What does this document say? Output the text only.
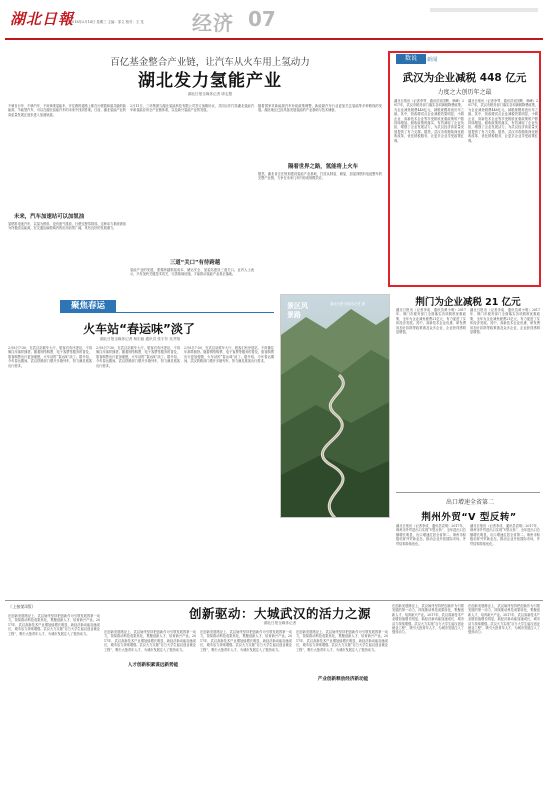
湖北日報
2018年2月14日 星期三 主编：邹立 校对：王 龙	经济 07
百亿基金整合产业链，让汽车从火车用上氢动力
湖北发力氢能产业
湖北日报全媒体记者 廖志慧
不骑自行车、不骑汽车、不用骑乘氢能车，开往路的道路上都在行驶着和谐共融的新能源、节能型汽车，可以在湖北氢能汽车的未来中找到答案。日前，湖北氢能产业的高质量发展正逐步进入加速轨道。
2月11日，三环集团与湖北氢能科技有限公司签订战略协议，共同合作打造湖北氢能汽车和氢能应用全产业链体系，以及新兴氢能产业的发展。
随着国家对新能源汽车补贴政策调整，新能源汽车行业更加关注氢能等多种路线的发展。湖北地区已经具备发展氢能的产业基础与技术储备。
未来，汽车加速站可以加氢油
氢燃料电池汽车，以氢为燃料，没有废气排放，行驶过程零排放。这种动力系统被视为终极清洁能源，在交通运输领域内的应用前景广阔，具有良好的发展潜力。
三道“关口”有待跨越
氢能产业的发展，需要跨越制氢成本、储运安全、加氢站建设三道关口。业内人士表示，只有加快关键技术攻关、完善基础设施，才能推动氢能产业真正落地。
隔着世界之路，氢能将上火车
据悉，湖北省正在规划建设氢能产业基地，打造从制氢、储氢、加氢到燃料电池整车的完整产业链，力争在未来几年内形成规模效应。
数说	新闻
武汉为企业减税 448 亿元
力度之大创历年之最
湖北日报讯（记者李琴、通讯员吴国辉、韩峰）2017年，武汉市税务部门落实各项减税降费政策，为企业减免税费448亿元，减税规模再创历年之最。其中，营改增试点企业减税效果明显，小微企业、高新技术企业等享受税收优惠政策的户数持续增加。税收政策的落实，有效减轻了企业负担，增强了企业发展活力，为武汉经济高质量发展提供了有力支撑。据悉，武汉市将继续深化税收改革，优化纳税服务，让更多企业享受政策红利。
湖北日报讯（记者李琴、通讯员吴国辉、韩峰）2017年，武汉市税务部门落实各项减税降费政策，为企业减免税费448亿元，减税规模再创历年之最。其中，营改增试点企业减税效果明显，小微企业、高新技术企业等享受税收优惠政策的户数持续增加。税收政策的落实，有效减轻了企业负担，增强了企业发展活力，为武汉经济高质量发展提供了有力支撑。据悉，武汉市将继续深化税收改革，优化纳税服务，让更多企业享受政策红利。
荆门为企业减税 21 亿元
湖北日报讯（记者李成、通讯员黄小明）2017年，荆门市税务部门全面落实各项税收优惠政策，全年为企业减免税费21亿元，有力促进了实体经济发展。其中，高新技术企业优惠、研发费用加计扣除等政策惠及众多企业，企业获得感明显增强。
湖北日报讯（记者李成、通讯员黄小明）2017年，荆门市税务部门全面落实各项税收优惠政策，全年为企业减免税费21亿元，有力促进了实体经济发展。其中，高新技术企业优惠、研发费用加计扣除等政策惠及众多企业，企业获得感明显增强。
出口增速全省第二
荆州外贸“V 型反转”
湖北日报讯（记者李成、通讯员袁明）2017年，荆州市外贸进出口实现“V型反转”，全年进出口总额增长明显，出口增速位居全省第二。荆州市积极培育外贸新业态，推动企业开拓国际市场，外贸结构持续优化。
湖北日报讯（记者李成、通讯员袁明）2017年，荆州市外贸进出口实现“V型反转”，全年进出口总额增长明显，出口增速位居全省第二。荆州市积极培育外贸新业态，推动企业开拓国际市场，外贸结构持续优化。
聚焦春运
火车站“春运味”淡了
湖北日报全媒体记者 杨宏毅 通讯员 张宇东 吴齐翔
2月8日7:50，在武汉站候车大厅，旅客们有序进站，不再像往年那样拥挤。随着网络购票、电子客票等服务的普及，旅客购票出行更加便捷，火车站的“春运味”淡了。据介绍，今年春运期间，武汉铁路部门增开多趟列车，努力满足旅客出行需求。
2月8日7:50，在武汉站候车大厅，旅客们有序进站，不再像往年那样拥挤。随着网络购票、电子客票等服务的普及，旅客购票出行更加便捷，火车站的“春运味”淡了。据介绍，今年春运期间，武汉铁路部门增开多趟列车，努力满足旅客出行需求。
2月8日7:50，在武汉站候车大厅，旅客们有序进站，不再像往年那样拥挤。随着网络购票、电子客票等服务的普及，旅客购票出行更加便捷，火车站的“春运味”淡了。据介绍，今年春运期间，武汉铁路部门增开多趟列车，努力满足旅客出行需求。
景区风景路
湖北日报全媒体记者 摄
（上接第1版）	创新驱动：大城武汉的活力之源
湖北日报全媒体记者
在创新发展路径上，武汉始终坚持把创新作为引领发展的第一动力，持续推动科技成果转化，集聚创新人才，培育新兴产业。2017年，武汉高新技术产业增加值增长明显，新经济新动能加速成长，城市活力持续增强。武汉大力实施“百万大学生留汉创业就业工程”，吸引大批青年人才，为城市发展注入了强劲动力。	在创新发展路径上，武汉始终坚持把创新作为引领发展的第一动力，持续推动科技成果转化，集聚创新人才，培育新兴产业。2017年，武汉高新技术产业增加值增长明显，新经济新动能加速成长，城市活力持续增强。武汉大力实施“百万大学生留汉创业就业工程”，吸引大批青年人才，为城市发展注入了强劲动力。
人才创新积累谋远新势能
在创新发展路径上，武汉始终坚持把创新作为引领发展的第一动力，持续推动科技成果转化，集聚创新人才，培育新兴产业。2017年，武汉高新技术产业增加值增长明显，新经济新动能加速成长，城市活力持续增强。武汉大力实施“百万大学生留汉创业就业工程”，吸引大批青年人才，为城市发展注入了强劲动力。
在创新发展路径上，武汉始终坚持把创新作为引领发展的第一动力，持续推动科技成果转化，集聚创新人才，培育新兴产业。2017年，武汉高新技术产业增加值增长明显，新经济新动能加速成长，城市活力持续增强。武汉大力实施“百万大学生留汉创业就业工程”，吸引大批青年人才，为城市发展注入了强劲动力。
产业创新释放经济新动能
在创新发展路径上，武汉始终坚持把创新作为引领发展的第一动力，持续推动科技成果转化，集聚创新人才，培育新兴产业。2017年，武汉高新技术产业增加值增长明显，新经济新动能加速成长，城市活力持续增强。武汉大力实施“百万大学生留汉创业就业工程”，吸引大批青年人才，为城市发展注入了强劲动力。
在创新发展路径上，武汉始终坚持把创新作为引领发展的第一动力，持续推动科技成果转化，集聚创新人才，培育新兴产业。2017年，武汉高新技术产业增加值增长明显，新经济新动能加速成长，城市活力持续增强。武汉大力实施“百万大学生留汉创业就业工程”，吸引大批青年人才，为城市发展注入了强劲动力。
